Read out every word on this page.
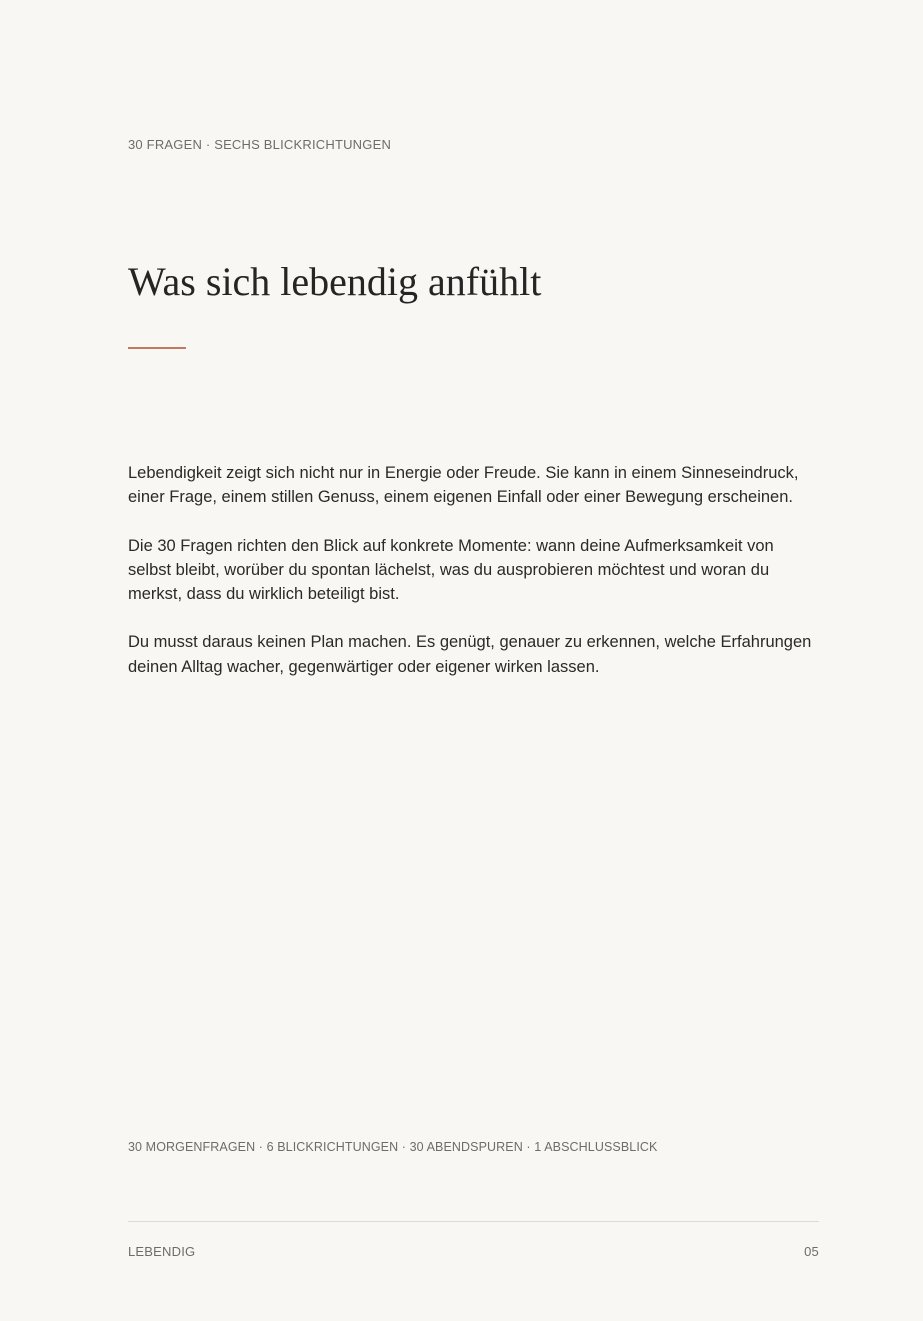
30 FRAGEN · SECHS BLICKRICHTUNGEN
Was sich lebendig anfühlt

Lebendigkeit zeigt sich nicht nur in Energie oder Freude. Sie kann in einem Sinneseindruck, einer Frage, einem stillen Genuss, einem eigenen Einfall oder einer Bewegung erscheinen.

Die 30 Fragen richten den Blick auf konkrete Momente: wann deine Aufmerksamkeit von selbst bleibt, worüber du spontan lächelst, was du ausprobieren möchtest und woran du merkst, dass du wirklich beteiligt bist.

Du musst daraus keinen Plan machen. Es genügt, genauer zu erkennen, welche Erfahrungen deinen Alltag wacher, gegenwärtiger oder eigener wirken lassen.

30 MORGENFRAGEN · 6 BLICKRICHTUNGEN · 30 ABENDSPUREN · 1 ABSCHLUSSBLICK
LEBENDIG	05
